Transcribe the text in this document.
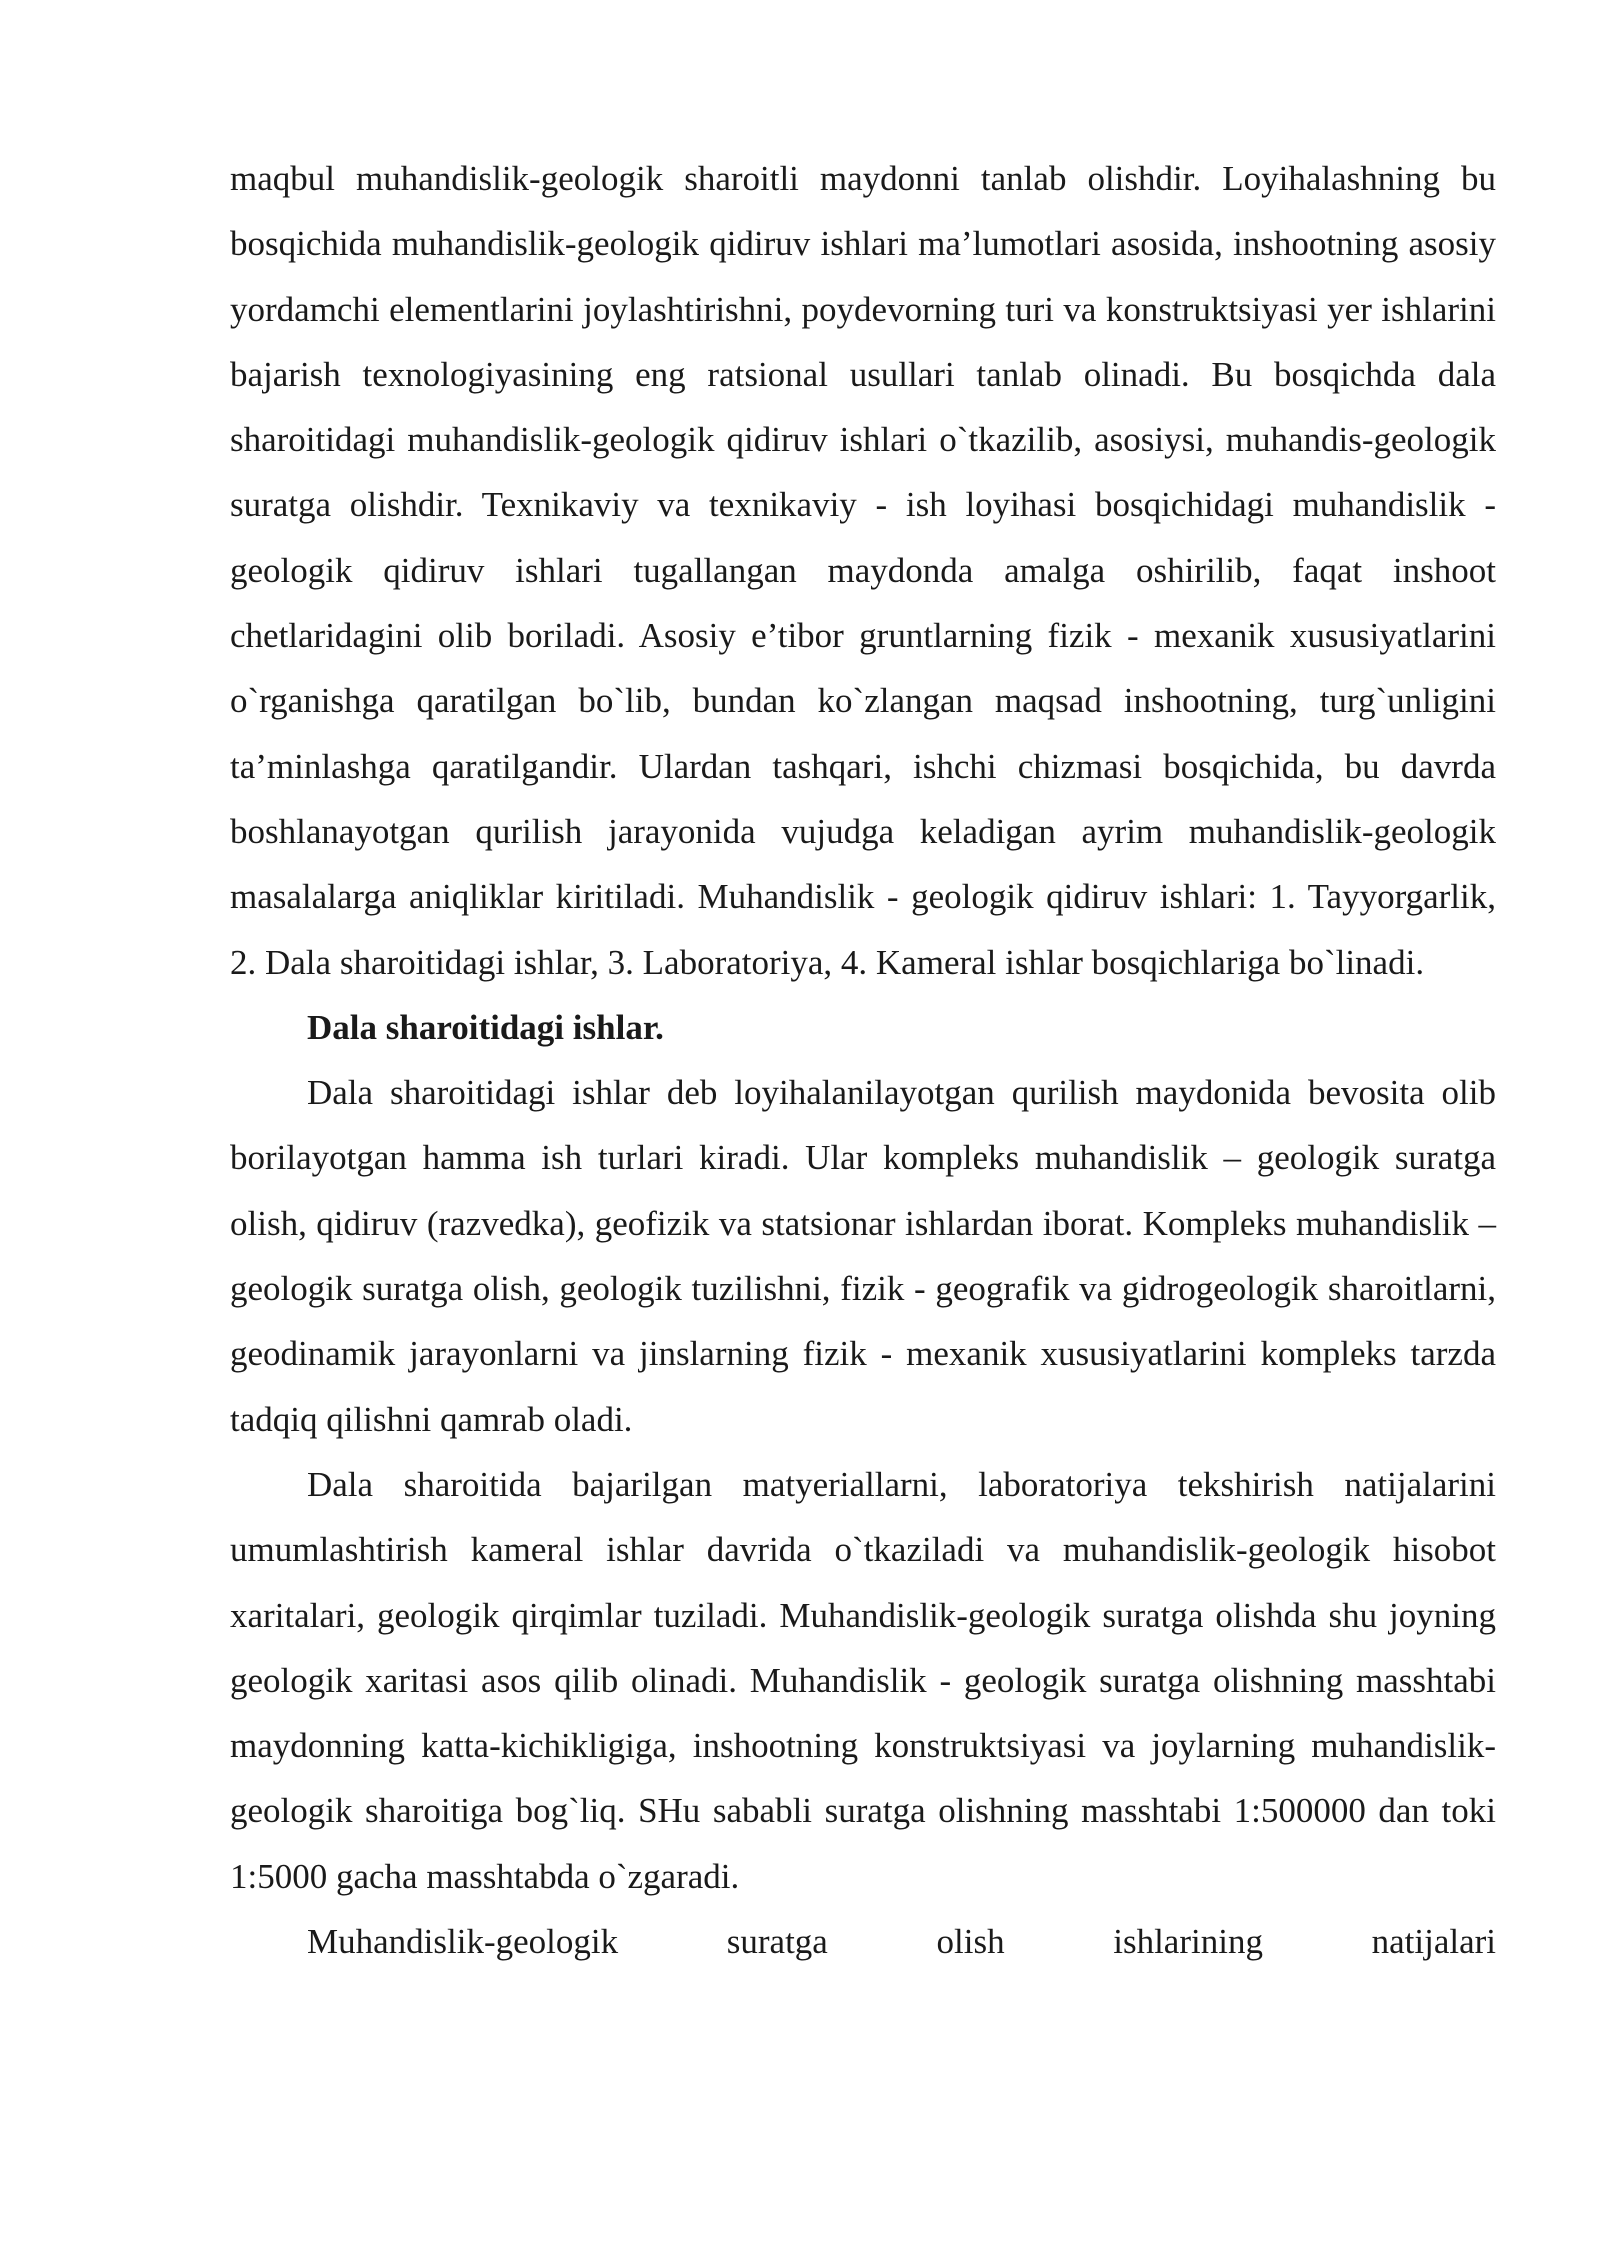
maqbul muhandislik-geologik sharoitli maydonni tanlab olishdir. Loyihalashning bu bosqichida muhandislik-geologik qidiruv ishlari ma’lumotlari asosida, inshootning asosiy yordamchi elementlarini joylashtirishni, poydevorning turi va konstruktsiyasi yer ishlarini bajarish texnologiyasining eng ratsional usullari tanlab olinadi. Bu bosqichda dala sharoitidagi muhandislik-geologik qidiruv ishlari o`tkazilib, asosiysi, muhandis-geologik suratga olishdir. Texnikaviy va texnikaviy - ish loyihasi bosqichidagi muhandislik - geologik qidiruv ishlari tugallangan maydonda amalga oshirilib, faqat inshoot chetlaridagini olib boriladi. Asosiy e’tibor gruntlarning fizik - mexanik xususiyatlarini o`rganishga qaratilgan bo`lib, bundan ko`zlangan maqsad inshootning, turg`unligini ta’minlashga qaratilgandir. Ulardan tashqari, ishchi chizmasi bosqichida, bu davrda boshlanayotgan qurilish jarayonida vujudga keladigan ayrim muhandislik-geologik masalalarga aniqliklar kiritiladi. Muhandislik - geologik qidiruv ishlari: 1. Tayyorgarlik, 2. Dala sharoitidagi ishlar, 3. Laboratoriya, 4. Kameral ishlar bosqichlariga bo`linadi.

Dala sharoitidagi ishlar.

Dala sharoitidagi ishlar deb loyihalanilayotgan qurilish maydonida bevosita olib borilayotgan hamma ish turlari kiradi. Ular kompleks muhandislik – geologik suratga olish, qidiruv (razvedka), geofizik va statsionar ishlardan iborat. Kompleks muhandislik – geologik suratga olish, geologik tuzilishni, fizik - geografik va gidrogeologik sharoitlarni, geodinamik jarayonlarni va jinslarning fizik - mexanik xususiyatlarini kompleks tarzda tadqiq qilishni qamrab oladi.

Dala sharoitida bajarilgan matyeriallarni, laboratoriya tekshirish natijalarini umumlashtirish kameral ishlar davrida o`tkaziladi va muhandislik-geologik hisobot xaritalari, geologik qirqimlar tuziladi. Muhandislik-geologik suratga olishda shu joyning geologik xaritasi asos qilib olinadi. Muhandislik - geologik suratga olishning masshtabi maydonning katta-kichikligiga, inshootning konstruktsiyasi va joylarning muhandislik-geologik sharoitiga bog`liq. SHu sababli suratga olishning masshtabi 1:500000 dan toki 1:5000 gacha masshtabda o`zgaradi.

Muhandislik-geologik suratga olish ishlarining natijalari
